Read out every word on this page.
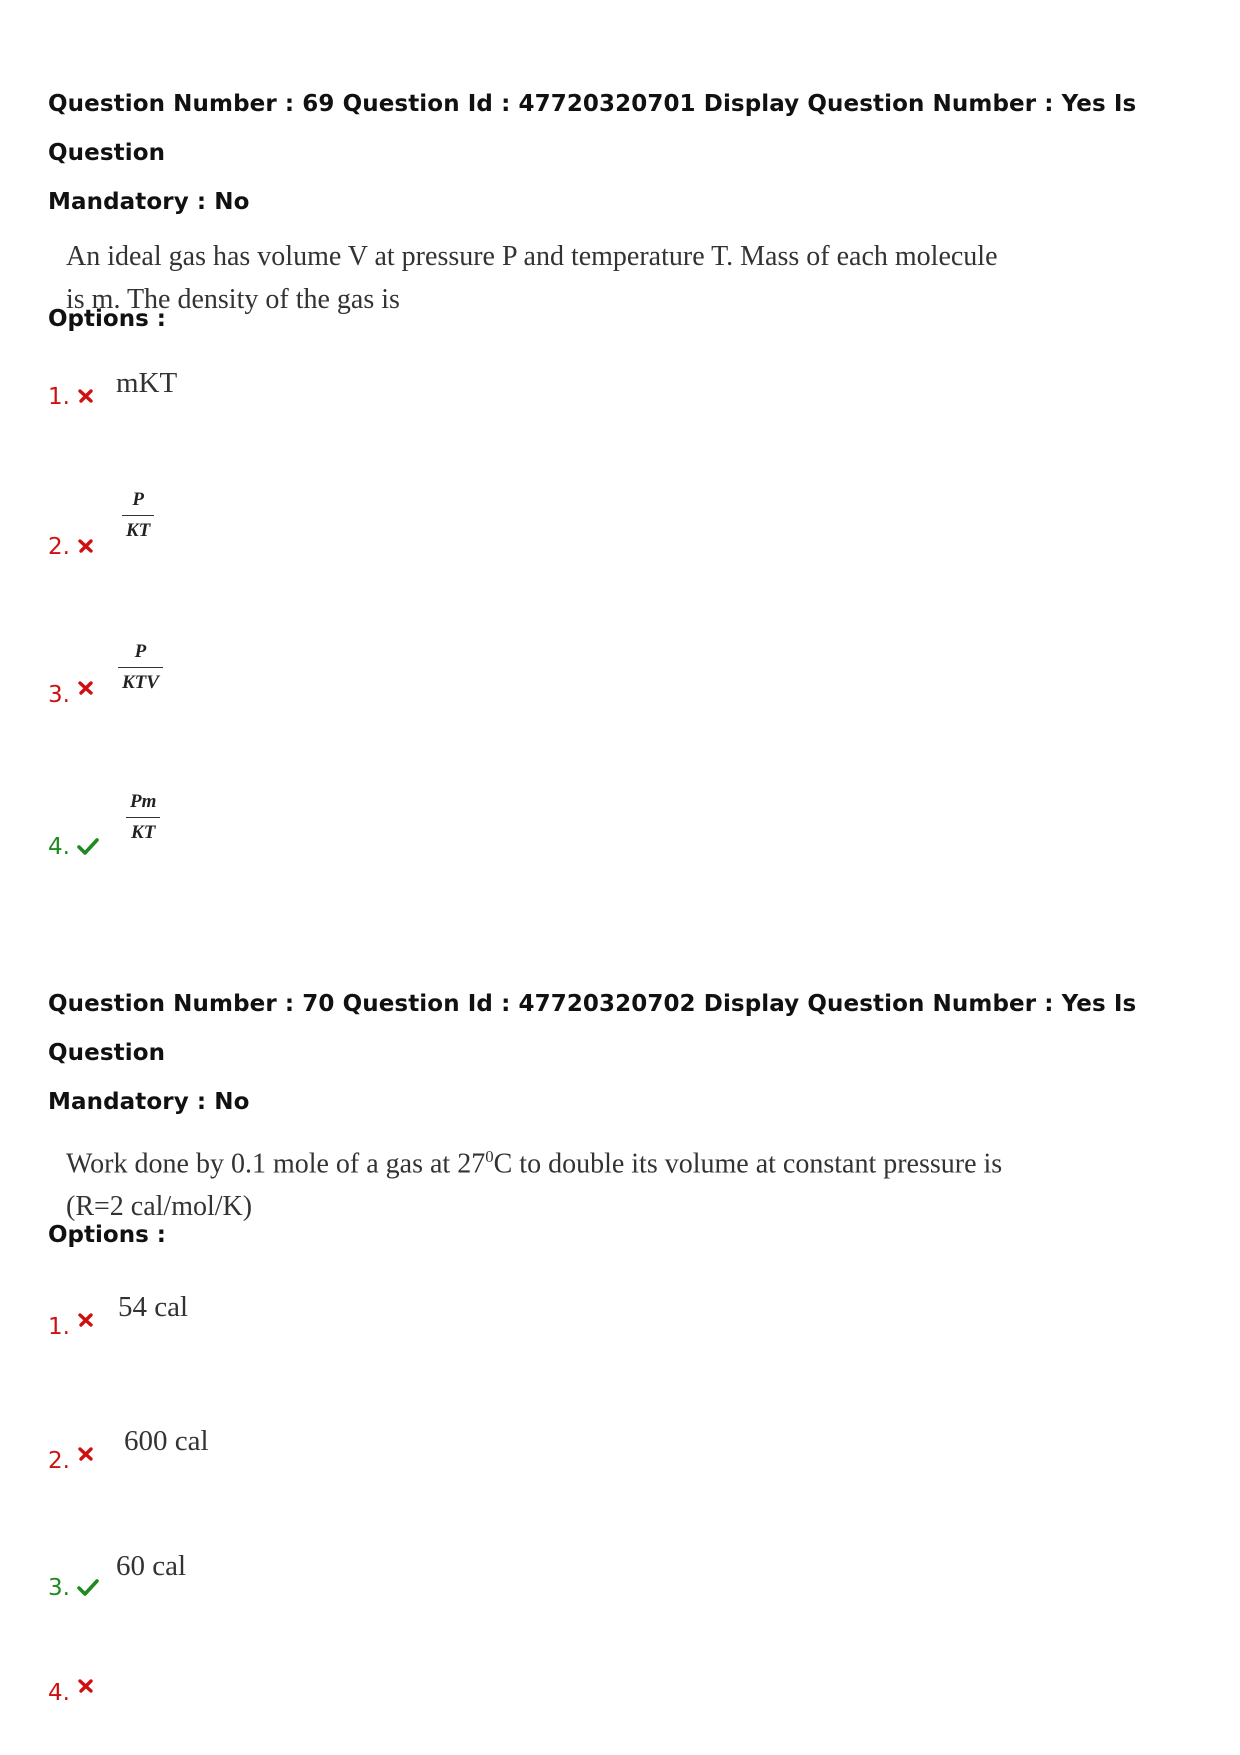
Question Number : 69 Question Id : 47720320701 Display Question Number : Yes Is Question
Mandatory : No
An ideal gas has volume V at pressure P and temperature T. Mass of each molecule
is m. The density of the gas is
Options :
1. mKT
2.
$\frac{P}{KT}$
3.
$\frac{P}{\text{KTV}}$
4.
$\frac{Pm}{KT}$
Question Number : 70 Question Id : 47720320702 Display Question Number : Yes Is Question
Mandatory : No
Work done by 0.1 mole of a gas at $27^0C$ to double its volume at constant pressure is
(R=2 cal/mol/K)
Options :
1.
54 cal
2.
600 cal
3.
60 cal
4.
